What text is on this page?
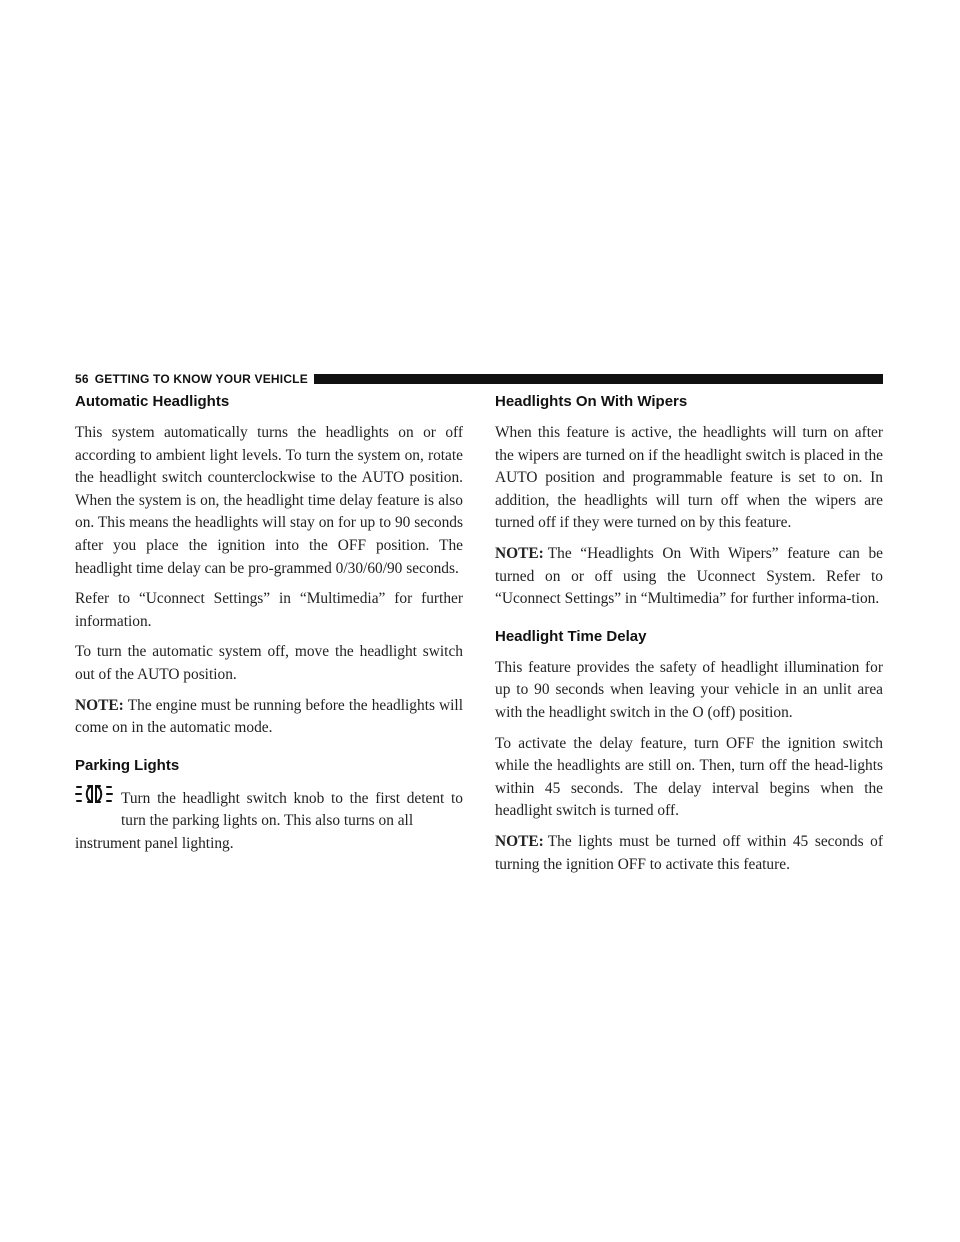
56 GETTING TO KNOW YOUR VEHICLE
Automatic Headlights

This system automatically turns the headlights on or off according to ambient light levels. To turn the system on, rotate the headlight switch counterclockwise to the AUTO position. When the system is on, the headlight time delay feature is also on. This means the headlights will stay on for up to 90 seconds after you place the ignition into the OFF position. The headlight time delay can be pro-grammed 0/30/60/90 seconds.

Refer to “Uconnect Settings” in “Multimedia” for further information.

To turn the automatic system off, move the headlight switch out of the AUTO position.

NOTE: The engine must be running before the headlights will come on in the automatic mode.

Parking Lights

Turn the headlight switch knob to the first detent to turn the parking lights on. This also turns on all

instrument panel lighting.

Headlights On With Wipers

When this feature is active, the headlights will turn on after the wipers are turned on if the headlight switch is placed in the AUTO position and programmable feature is set to on. In addition, the headlights will turn off when the wipers are turned off if they were turned on by this feature.

NOTE: The “Headlights On With Wipers” feature can be turned on or off using the Uconnect System. Refer to “Uconnect Settings” in “Multimedia” for further informa-tion.

Headlight Time Delay

This feature provides the safety of headlight illumination for up to 90 seconds when leaving your vehicle in an unlit area with the headlight switch in the O (off) position.

To activate the delay feature, turn OFF the ignition switch while the headlights are still on. Then, turn off the head-lights within 45 seconds. The delay interval begins when the headlight switch is turned off.

NOTE: The lights must be turned off within 45 seconds of turning the ignition OFF to activate this feature.
